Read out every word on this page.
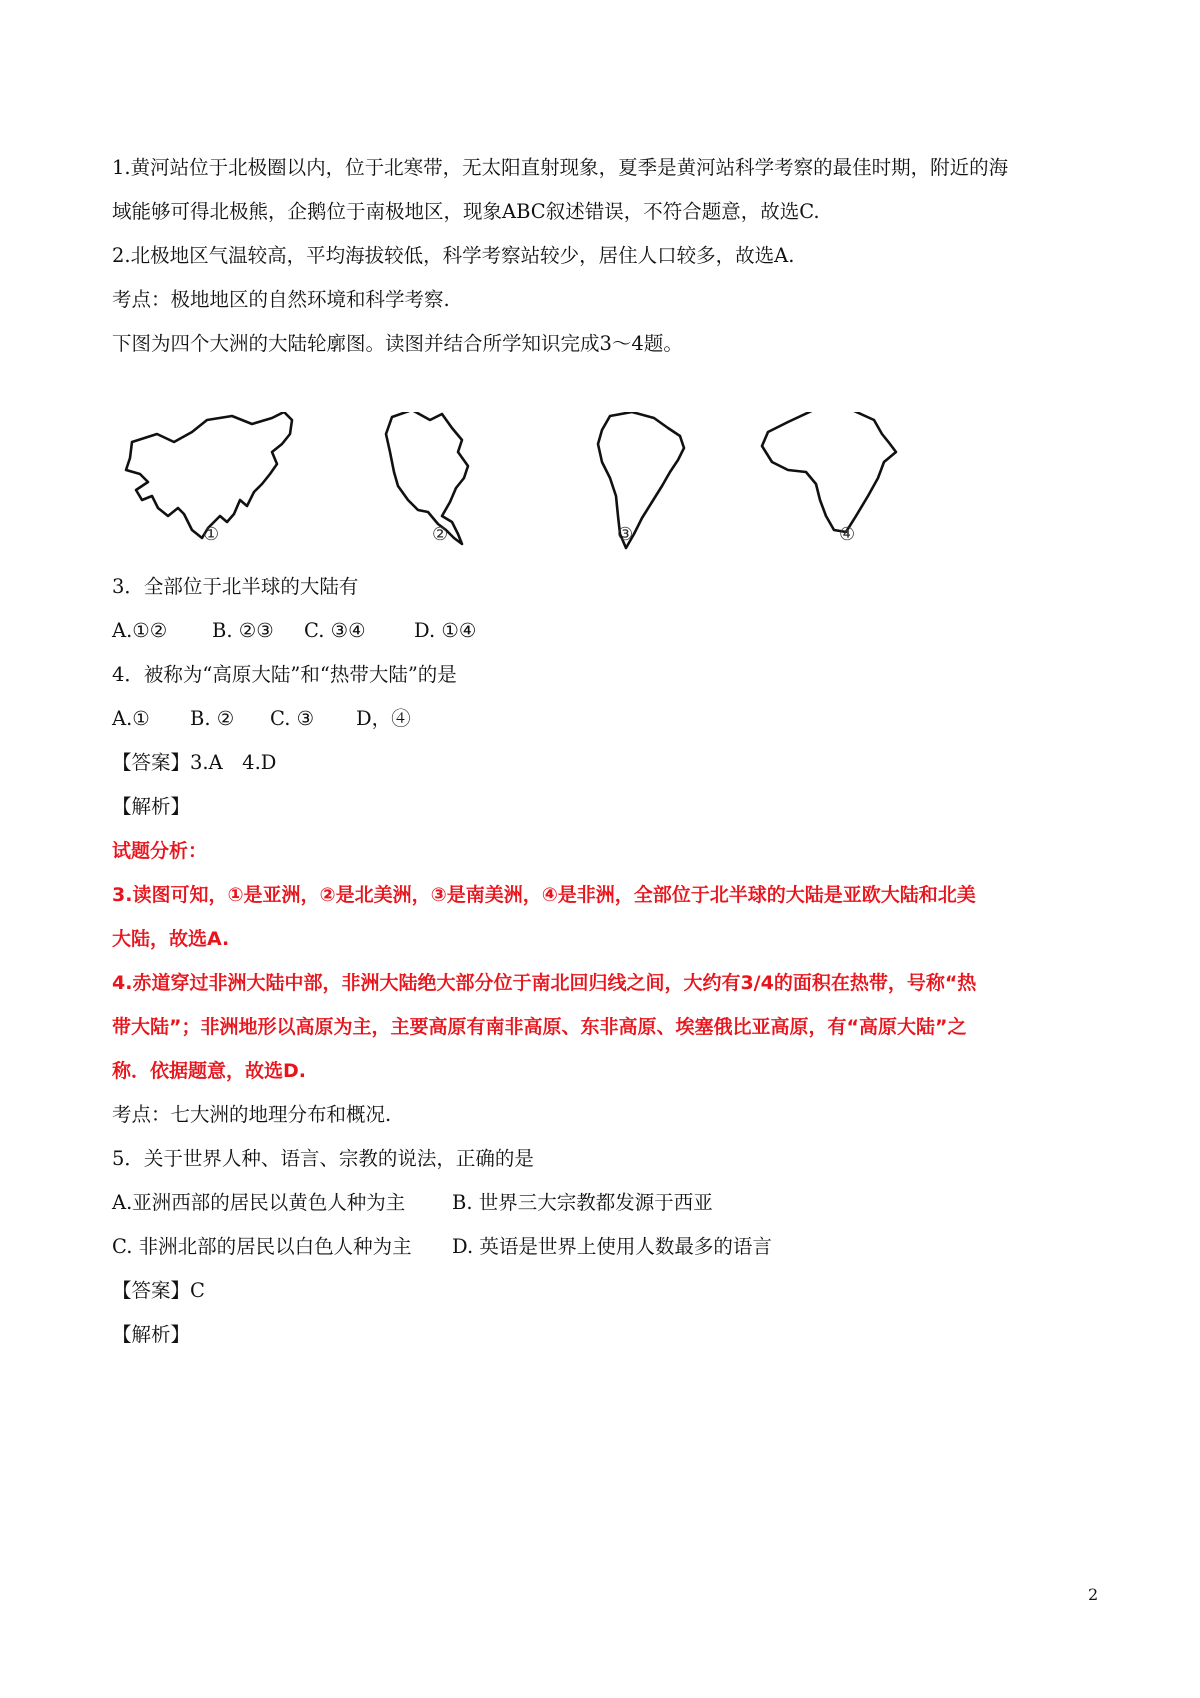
1.黄河站位于北极圈以内，位于北寒带，无太阳直射现象，夏季是黄河站科学考察的最佳时期，附近的海
域能够可得北极熊，企鹅位于南极地区，现象ABC叙述错误，不符合题意，故选C.
2.北极地区气温较高，平均海拔较低，科学考察站较少，居住人口较多，故选A.
考点：极地地区的自然环境和科学考察.
下图为四个大洲的大陆轮廓图。读图并结合所学知识完成3～4题。
①	②	③	④
3．全部位于北半球的大陆有
A.①② B. ②③ C. ③④ D. ①④
4．被称为“高原大陆”和“热带大陆”的是
A.① B. ② C. ③ D，④
【答案】3.A　4.D
【解析】
试题分析：
3.读图可知，①是亚洲，②是北美洲，③是南美洲，④是非洲，全部位于北半球的大陆是亚欧大陆和北美
大陆，故选A.
4.赤道穿过非洲大陆中部，非洲大陆绝大部分位于南北回归线之间，大约有3/4的面积在热带，号称“热
带大陆”；非洲地形以高原为主，主要高原有南非高原、东非高原、埃塞俄比亚高原，有“高原大陆”之
称．依据题意，故选D.
考点：七大洲的地理分布和概况.
5．关于世界人种、语言、宗教的说法，正确的是
A.亚洲西部的居民以黄色人种为主 B. 世界三大宗教都发源于西亚
C. 非洲北部的居民以白色人种为主 D. 英语是世界上使用人数最多的语言
【答案】C
【解析】
2
